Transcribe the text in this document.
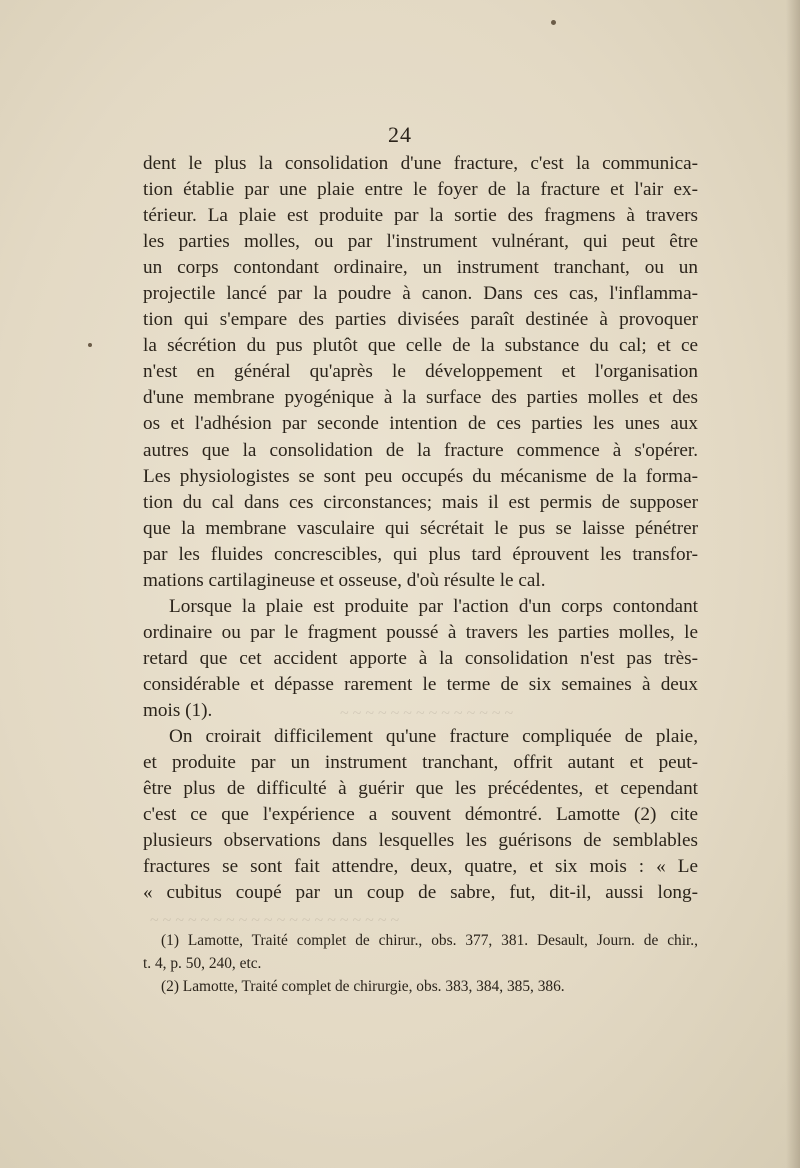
~ ~ ~ ~ ~ ~ ~ ~ ~ ~ ~ ~ ~ ~
~ ~ ~ ~ ~ ~ ~ ~ ~ ~ ~ ~ ~ ~ ~ ~ ~ ~ ~ ~
24
dent le plus la consolidation d'une fracture, c'est la communica-
tion établie par une plaie entre le foyer de la fracture et l'air ex-
térieur. La plaie est produite par la sortie des fragmens à travers
les parties molles, ou par l'instrument vulnérant, qui peut être
un corps contondant ordinaire, un instrument tranchant, ou un
projectile lancé par la poudre à canon. Dans ces cas, l'inflamma-
tion qui s'empare des parties divisées paraît destinée à provoquer
la sécrétion du pus plutôt que celle de la substance du cal; et ce
n'est en général qu'après le développement et l'organisation
d'une membrane pyogénique à la surface des parties molles et des
os et l'adhésion par seconde intention de ces parties les unes aux
autres que la consolidation de la fracture commence à s'opérer.
Les physiologistes se sont peu occupés du mécanisme de la forma-
tion du cal dans ces circonstances; mais il est permis de supposer
que la membrane vasculaire qui sécrétait le pus se laisse pénétrer
par les fluides concrescibles, qui plus tard éprouvent les transfor-
mations cartilagineuse et osseuse, d'où résulte le cal.
Lorsque la plaie est produite par l'action d'un corps contondant
ordinaire ou par le fragment poussé à travers les parties molles, le
retard que cet accident apporte à la consolidation n'est pas très-
considérable et dépasse rarement le terme de six semaines à deux
mois (1).
On croirait difficilement qu'une fracture compliquée de plaie,
et produite par un instrument tranchant, offrit autant et peut-
être plus de difficulté à guérir que les précédentes, et cependant
c'est ce que l'expérience a souvent démontré. Lamotte (2) cite
plusieurs observations dans lesquelles les guérisons de semblables
fractures se sont fait attendre, deux, quatre, et six mois : « Le
« cubitus coupé par un coup de sabre, fut, dit-il, aussi long-
(1) Lamotte, Traité complet de chirur., obs. 377, 381. Desault, Journ. de chir.,
t. 4, p. 50, 240, etc.
(2) Lamotte, Traité complet de chirurgie, obs. 383, 384, 385, 386.
